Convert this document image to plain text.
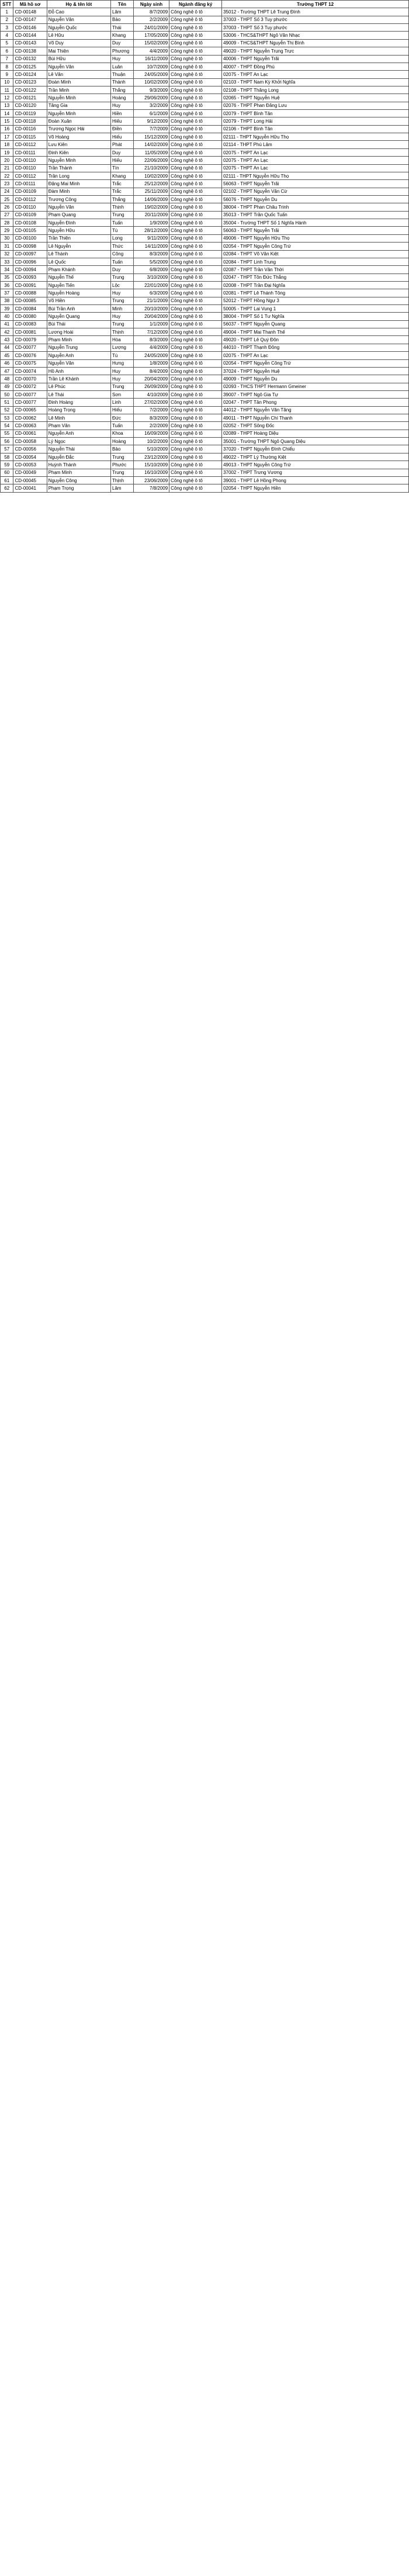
STT	Mã hồ sơ	Họ & tên lót	Tên	Ngày sinh	Ngành đăng ký	Trường THPT 12
1	CD-00148	Đỗ Cao	Lâm	8/7/2009	Công nghệ ô tô	35012 - Trường THPT Lê Trung Đình
2	CD-00147	Nguyễn Văn	Bảo	2/2/2009	Công nghệ ô tô	37003 - THPT Số 3 Tuy phước
3	CD-00146	Nguyễn Quốc	Thái	24/01/2009	Công nghệ ô tô	37003 - THPT Số 3 Tuy phước
4	CD-00144	Lê Hữu	Khang	17/05/2009	Công nghệ ô tô	53006 - THCS&THPT Ngô Văn Nhạc
5	CD-00143	Võ Duy	Duy	15/02/2009	Công nghệ ô tô	49009 - THCS&THPT Nguyễn Thị Bình
6	CD-00138	Mai Thiện	Phương	4/4/2009	Công nghệ ô tô	49020 - THPT Nguyễn Trung Trực
7	CD-00132	Bùi Hữu	Huy	16/11/2009	Công nghệ ô tô	40006 - THPT Nguyễn Trãi
8	CD-00125	Nguyễn Văn	Luân	10/7/2009	Công nghệ ô tô	40007 - THPT Đồng Phú
9	CD-00124	Lê Văn	Thuận	24/05/2009	Công nghệ ô tô	02075 - THPT An Lạc
10	CD-00123	Đoàn Minh	Thành	10/02/2009	Công nghệ ô tô	02103 - THPT Nam Kỳ Khởi Nghĩa
11	CD-00122	Trần Minh	Thắng	9/3/2009	Công nghệ ô tô	02108 - THPT Thăng Long
12	CD-00121	Nguyễn Minh	Hoàng	29/06/2009	Công nghệ ô tô	02065 - THPT Nguyễn Huệ
13	CD-00120	Tăng Gia	Huy	3/2/2009	Công nghệ ô tô	02076 - THPT Phan Đăng Lưu
14	CD-00119	Nguyễn Minh	Hiền	6/1/2009	Công nghệ ô tô	02079 - THPT Bình Tân
15	CD-00118	Đoàn Xuân	Hiếu	9/12/2009	Công nghệ ô tô	02079 - THPT Long Hải
16	CD-00116	Trương Ngọc Hải	Điền	7/7/2009	Công nghệ ô tô	02106 - THPT Bình Tân
17	CD-00115	Võ Hoàng	Hiếu	15/12/2009	Công nghệ ô tô	02111 - THPT Nguyễn Hữu Thọ
18	CD-00112	Lưu Kiên	Phát	14/02/2009	Công nghệ ô tô	02114 - THPT Phú Lâm
19	CD-00111	Đinh Kiên	Duy	11/05/2009	Công nghệ ô tô	02075 - THPT An Lạc
20	CD-00110	Nguyễn Minh	Hiếu	22/06/2009	Công nghệ ô tô	02075 - THPT An Lạc
21	CD-00110	Trần Thành	Tín	21/10/2009	Công nghệ ô tô	02075 - THPT An Lạc
22	CD-00112	Trần Long	Khang	10/02/2009	Công nghệ ô tô	02111 - THPT Nguyễn Hữu Thọ
23	CD-00111	Đặng Mai Minh	Trắc	25/12/2009	Công nghệ ô tô	56063 - THPT Nguyễn Trãi
24	CD-00109	Đàm Minh	Trắc	25/11/2009	Công nghệ ô tô	02102 - THPT Nguyễn Văn Cừ
25	CD-00112	Trương Công	Thắng	14/06/2009	Công nghệ ô tô	56076 - THPT Nguyễn Du
26	CD-00110	Nguyễn Văn	Thịnh	19/02/2009	Công nghệ ô tô	38004 - THPT Phan Châu Trinh
27	CD-00109	Phạm Quang	Trung	20/11/2009	Công nghệ ô tô	35013 - THPT Trần Quốc Tuấn
28	CD-00108	Nguyễn Đình	Tuấn	1/9/2009	Công nghệ ô tô	35004 - Trường THPT Số 1 Nghĩa Hành
29	CD-00105	Nguyễn Hữu	Tú	28/12/2009	Công nghệ ô tô	56063 - THPT Nguyễn Trãi
30	CD-00100	Trần Thiện	Long	9/11/2009	Công nghệ ô tô	49006 - THPT Nguyễn Hữu Thọ
31	CD-00098	Lê Nguyễn	Thức	14/11/2009	Công nghệ ô tô	02054 - THPT Nguyễn Công Trứ
32	CD-00097	Lê Thành	Công	8/3/2009	Công nghệ ô tô	02084 - THPT Võ Văn Kiệt
33	CD-00096	Lê Quốc	Tuấn	5/5/2009	Công nghệ ô tô	02084 - THPT Linh Trung
34	CD-00094	Phạm Khánh	Duy	6/8/2009	Công nghệ ô tô	02087 - THPT Trần Văn Thời
35	CD-00093	Nguyễn Thế	Trung	3/10/2009	Công nghệ ô tô	02047 - THPT Tôn Đức Thắng
36	CD-00091	Nguyễn Tiến	Lộc	22/01/2009	Công nghệ ô tô	02008 - THPT Trần Đại Nghĩa
37	CD-00088	Nguyễn Hoàng	Huy	6/3/2009	Công nghệ ô tô	02081 - THPT Lê Thánh Tông
38	CD-00085	Võ Hiền	Trung	21/1/2009	Công nghệ ô tô	52012 - THPT Hồng Ngự 3
39	CD-00084	Bùi Trần Anh	Minh	20/10/2009	Công nghệ ô tô	50005 - THPT Lai Vung 1
40	CD-00080	Nguyễn Quang	Huy	20/04/2009	Công nghệ ô tô	38004 - THPT Số 1 Tư Nghĩa
41	CD-00083	Bùi Thái	Trung	1/1/2009	Công nghệ ô tô	56037 - THPT Nguyễn Quang
42	CD-00081	Lương Hoài	Thịnh	7/12/2009	Công nghệ ô tô	49004 - THPT Mai Thanh Thế
43	CD-00079	Phạm Minh	Hòa	8/3/2009	Công nghệ ô tô	49020 - THPT Lê Quý Đôn
44	CD-00077	Nguyễn Trung	Lượng	4/4/2009	Công nghệ ô tô	44010 - THPT Thạnh Đông
45	CD-00076	Nguyễn Anh	Tú	24/05/2009	Công nghệ ô tô	02075 - THPT An Lạc
46	CD-00075	Nguyễn Văn	Hưng	1/8/2009	Công nghệ ô tô	02054 - THPT Nguyễn Công Trứ
47	CD-00074	Hồ Anh	Huy	8/4/2009	Công nghệ ô tô	37024 - THPT Nguyễn Huệ
48	CD-00070	Trần Lê Khánh	Huy	20/04/2009	Công nghệ ô tô	49009 - THPT Nguyễn Du
49	CD-00072	Lê Phúc	Trung	26/09/2009	Công nghệ ô tô	02093 - THCS THPT Hermann Gmeiner
50	CD-00077	Lê Thái	Sơn	4/10/2009	Công nghệ ô tô	39007 - THPT Ngô Gia Tự
51	CD-00077	Đinh Hoàng	Linh	27/02/2009	Công nghệ ô tô	02047 - THPT Tân Phong
52	CD-00065	Hoàng Trọng	Hiếu	7/2/2009	Công nghệ ô tô	44012 - THPT Nguyễn Văn Tăng
53	CD-00062	Lê Minh	Đức	8/3/2009	Công nghệ ô tô	49011 - THPT Nguyễn Chí Thanh
54	CD-00063	Phạm Văn	Tuấn	2/2/2009	Công nghệ ô tô	02052 - THPT Sông Đốc
55	CD-00061	Nguyễn Anh	Khoa	16/09/2009	Công nghệ ô tô	02089 - THPT Hoàng Diệu
56	CD-00058	Lý Ngọc	Hoàng	10/2/2009	Công nghệ ô tô	35001 - Trường THPT Ngô Quang Diệu
57	CD-00056	Nguyễn Thái	Bảo	5/10/2009	Công nghệ ô tô	37020 - THPT Nguyễn Đình Chiểu
58	CD-00054	Nguyễn Đắc	Trung	23/12/2009	Công nghệ ô tô	49022 - THPT Lý Thường Kiệt
59	CD-00053	Huỳnh Thành	Phước	15/10/2009	Công nghệ ô tô	49013 - THPT Nguyễn Công Trứ
60	CD-00049	Phạm Minh	Trung	16/10/2009	Công nghệ ô tô	37002 - THPT Trưng Vương
61	CD-00045	Nguyễn Công	Thịnh	23/06/2009	Công nghệ ô tô	39001 - THPT Lê Hồng Phong
62	CD-00041	Phạm Trọng	Lâm	7/8/2009	Công nghệ ô tô	02054 - THPT Nguyễn Hiền
